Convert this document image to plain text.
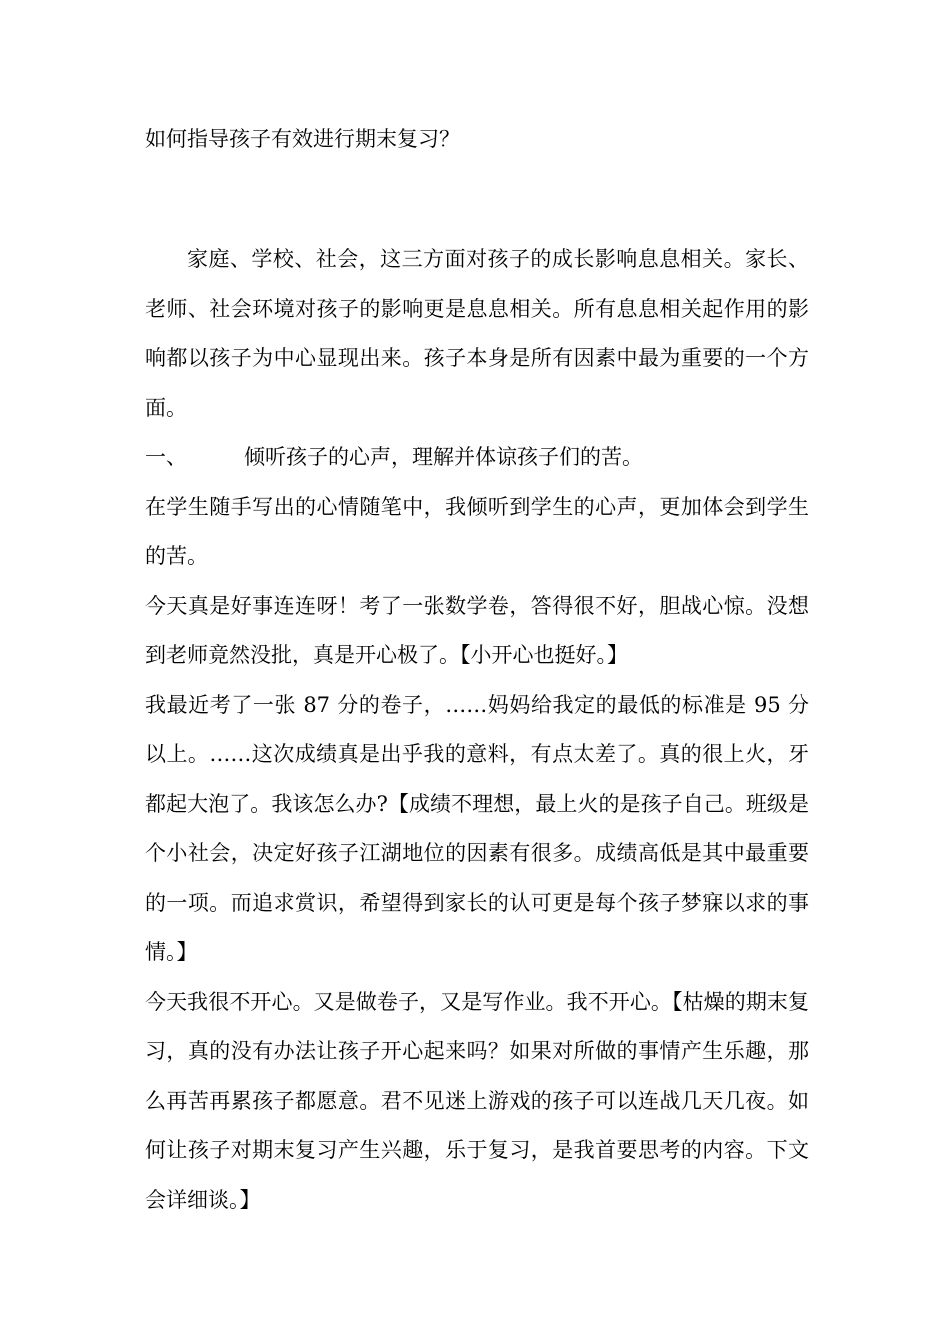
如何指导孩子有效进行期末复习？

家庭、学校、社会，这三方面对孩子的成长影响息息相关。家长、老师、社会环境对孩子的影响更是息息相关。所有息息相关起作用的影响都以孩子为中心显现出来。孩子本身是所有因素中最为重要的一个方面。

一、	倾听孩子的心声，理解并体谅孩子们的苦。

在学生随手写出的心情随笔中，我倾听到学生的心声，更加体会到学生的苦。

今天真是好事连连呀！考了一张数学卷，答得很不好，胆战心惊。没想到老师竟然没批，真是开心极了。【小开心也挺好。】

我最近考了一张 87 分的卷子，……妈妈给我定的最低的标准是 95 分以上。……这次成绩真是出乎我的意料，有点太差了。真的很上火，牙都起大泡了。我该怎么办?【成绩不理想，最上火的是孩子自己。班级是个小社会，决定好孩子江湖地位的因素有很多。成绩高低是其中最重要的一项。而追求赏识，希望得到家长的认可更是每个孩子梦寐以求的事情。】

今天我很不开心。又是做卷子，又是写作业。我不开心。【枯燥的期末复习，真的没有办法让孩子开心起来吗？如果对所做的事情产生乐趣，那么再苦再累孩子都愿意。君不见迷上游戏的孩子可以连战几天几夜。如何让孩子对期末复习产生兴趣，乐于复习，是我首要思考的内容。下文会详细谈。】
